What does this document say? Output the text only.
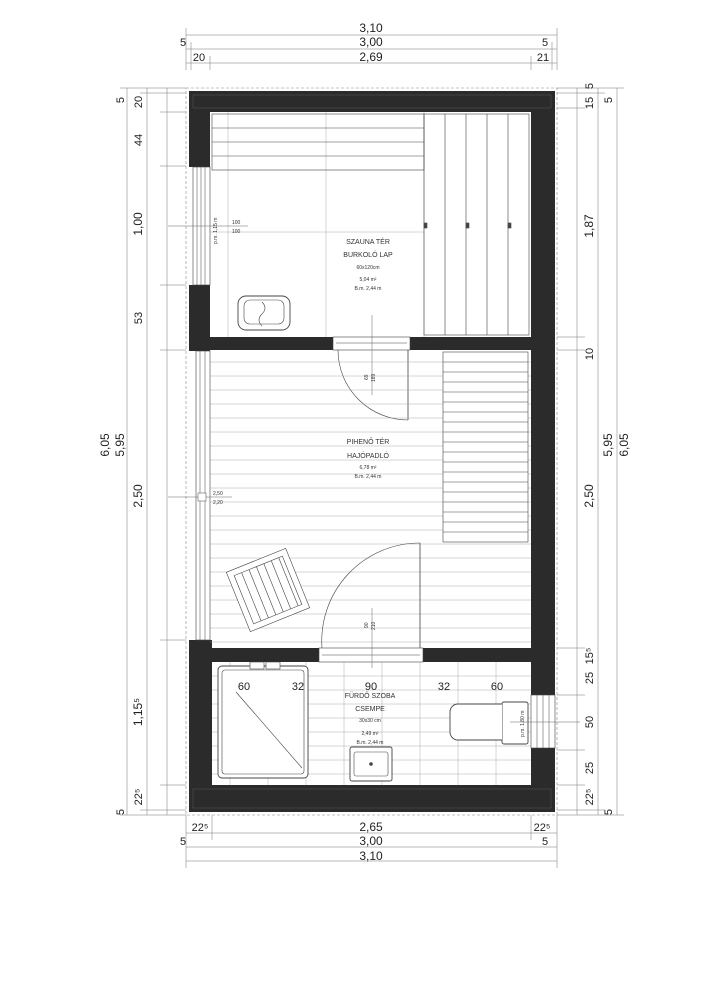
3,10
5	3,00	5
20	2,69	21
22⁵	2,65	22⁵
5	3,00	5
3,10
5 20
44
1,00
53
2,50
1,15⁵
22⁵
5
5,95
6,05
5
15
5
1,87
10
2,50
15⁵
25
50
25
22⁵
5
5,95 6,05
p.m. 1,15 m	100
100
SZAUNA TÉR
BURKOLÓ LAP
60x120cm
5,04 m²
B.m. 2,44 m
69 189
2,50
2,20
PIHENŐ TÉR
HAJÓPADLÓ
6,78 m²
B.m. 2,44 m
90 210
p.m. 1,80 m
60	32	90	32	60
FÜRDŐ SZOBA
CSEMPE
30x30 cm
2,49 m²
B.m. 2,44 m
